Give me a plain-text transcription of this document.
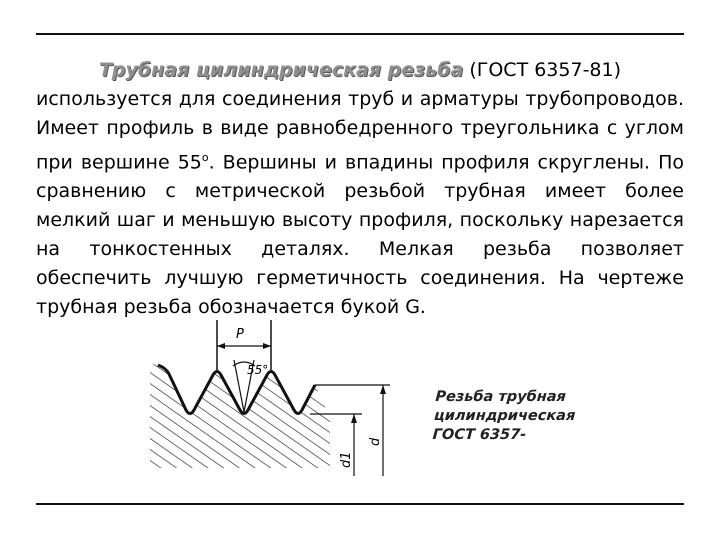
Трубная цилиндрическая резьба (ГОСТ 6357-81)

используется для соединения труб и арматуры трубопроводов.
Имеет профиль в виде равнобедренного треугольника с углом
при вершине $55^о$. Вершины и впадины профиля скруглены. По
сравнению с метрической резьбой трубная имеет более
мелкий шаг и меньшую высоту профиля, поскольку нарезается
на тонкостенных деталях. Мелкая резьба позволяет
обеспечить лучшую герметичность соединения. На чертеже
трубная резьба обозначается букой G.

P
55°
d
d1
Резьба трубная
цилиндрическая
ГОСТ 6357-
